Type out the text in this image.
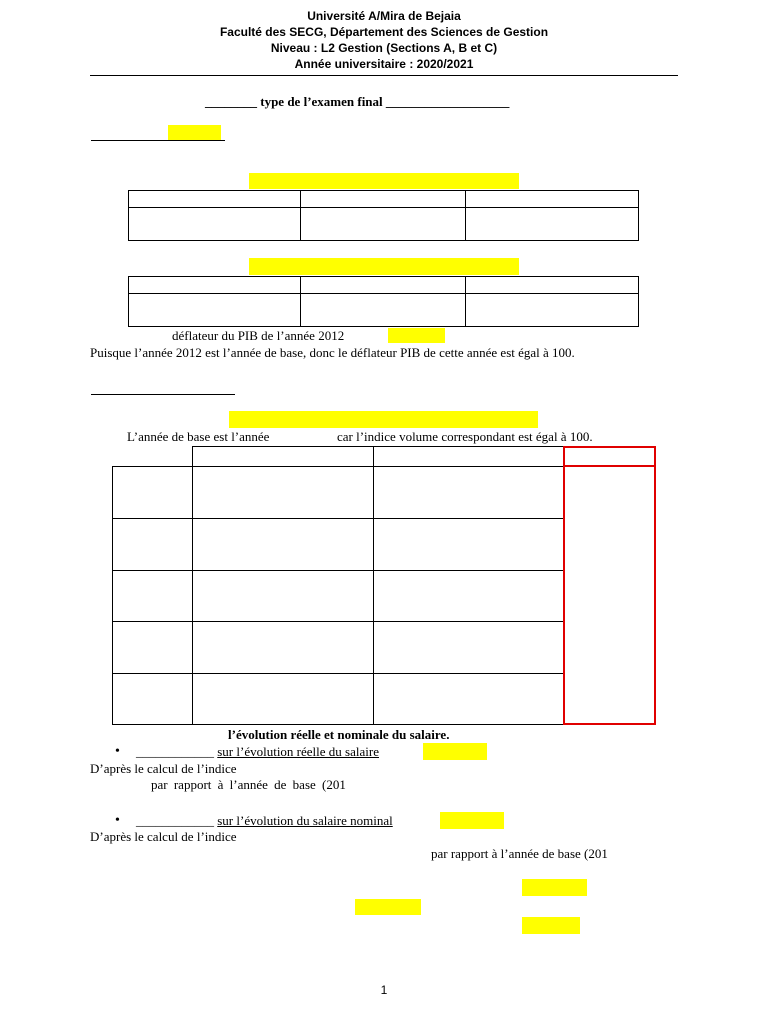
Université A/Mira de Bejaia
Faculté des SECG, Département des Sciences de Gestion
Niveau : L2 Gestion (Sections A, B et C)
Année universitaire : 2020/2021
________ type de l’examen final ___________________

déflateur du PIB de l’année 2012
Puisque l’année 2012 est l’année de base, donc le déflateur PIB de cette année est égal à 100.
L’année de base est l’année	car l’indice volume correspondant est égal à 100.
l’évolution réelle et nominale du salaire.
• ____________ sur l’évolution réelle du salaire
D’après le calcul de l’indice
par rapport à l’année de base (201
• ____________ sur l’évolution du salaire nominal
D’après le calcul de l’indice
par rapport à l’année de base (201
1
